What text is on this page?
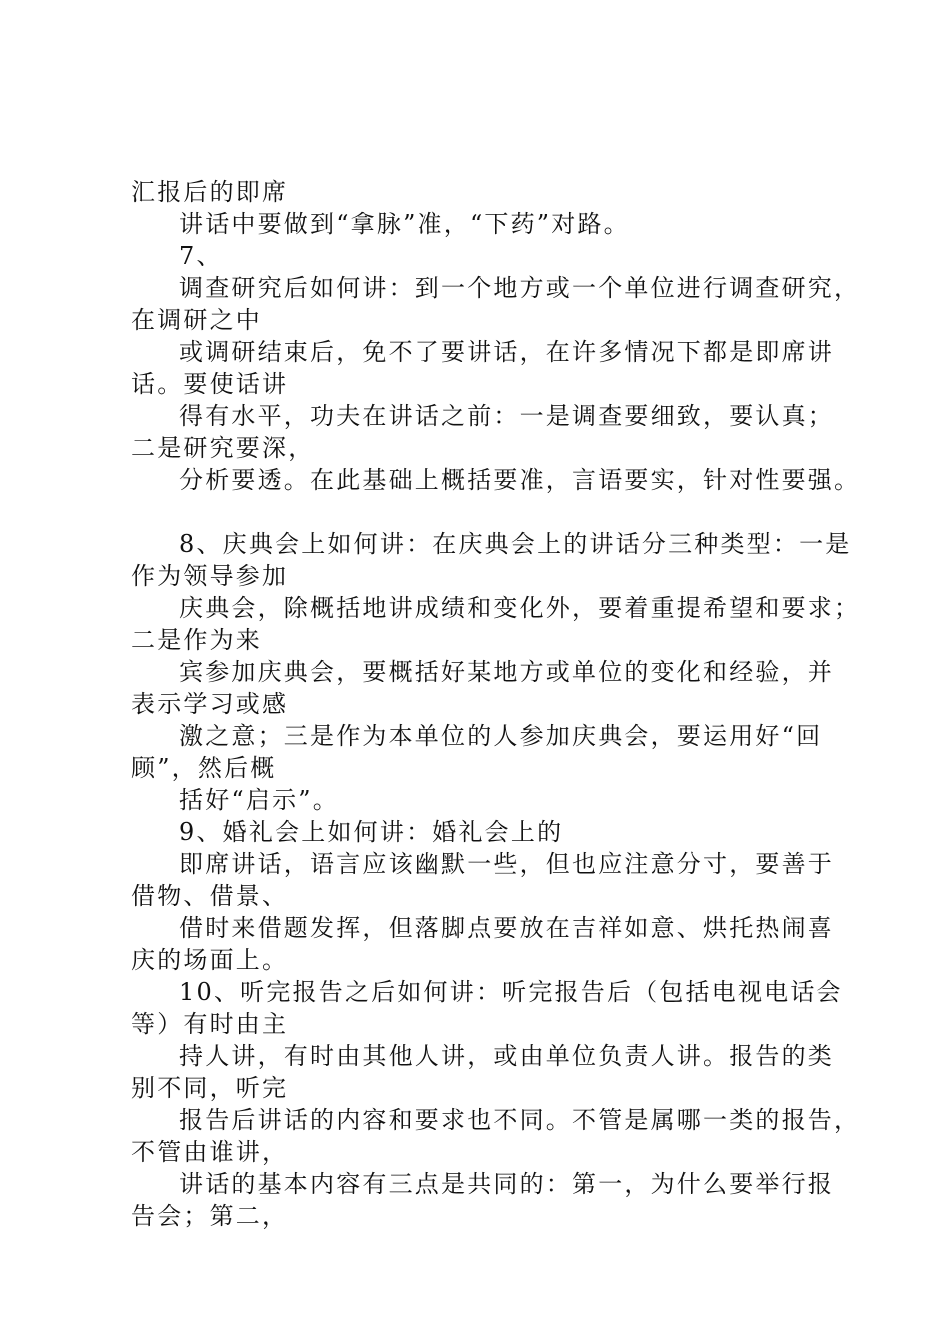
汇报后的即席
讲话中要做到“拿脉”准，“下药”对路。
7、
调查研究后如何讲：到一个地方或一个单位进行调查研究，
在调研之中
或调研结束后，免不了要讲话，在许多情况下都是即席讲
话。要使话讲
得有水平，功夫在讲话之前：一是调查要细致，要认真；
二是研究要深，
分析要透。在此基础上概括要准，言语要实，针对性要强。
8、庆典会上如何讲：在庆典会上的讲话分三种类型：一是
作为领导参加
庆典会，除概括地讲成绩和变化外，要着重提希望和要求；
二是作为来
宾参加庆典会，要概括好某地方或单位的变化和经验，并
表示学习或感
激之意；三是作为本单位的人参加庆典会，要运用好“回
顾”，然后概
括好“启示”。
9、婚礼会上如何讲：婚礼会上的
即席讲话，语言应该幽默一些，但也应注意分寸，要善于
借物、借景、
借时来借题发挥，但落脚点要放在吉祥如意、烘托热闹喜
庆的场面上。
10、听完报告之后如何讲：听完报告后（包括电视电话会
等）有时由主
持人讲，有时由其他人讲，或由单位负责人讲。报告的类
别不同，听完
报告后讲话的内容和要求也不同。不管是属哪一类的报告，
不管由谁讲，
讲话的基本内容有三点是共同的：第一，为什么要举行报
告会；第二，
